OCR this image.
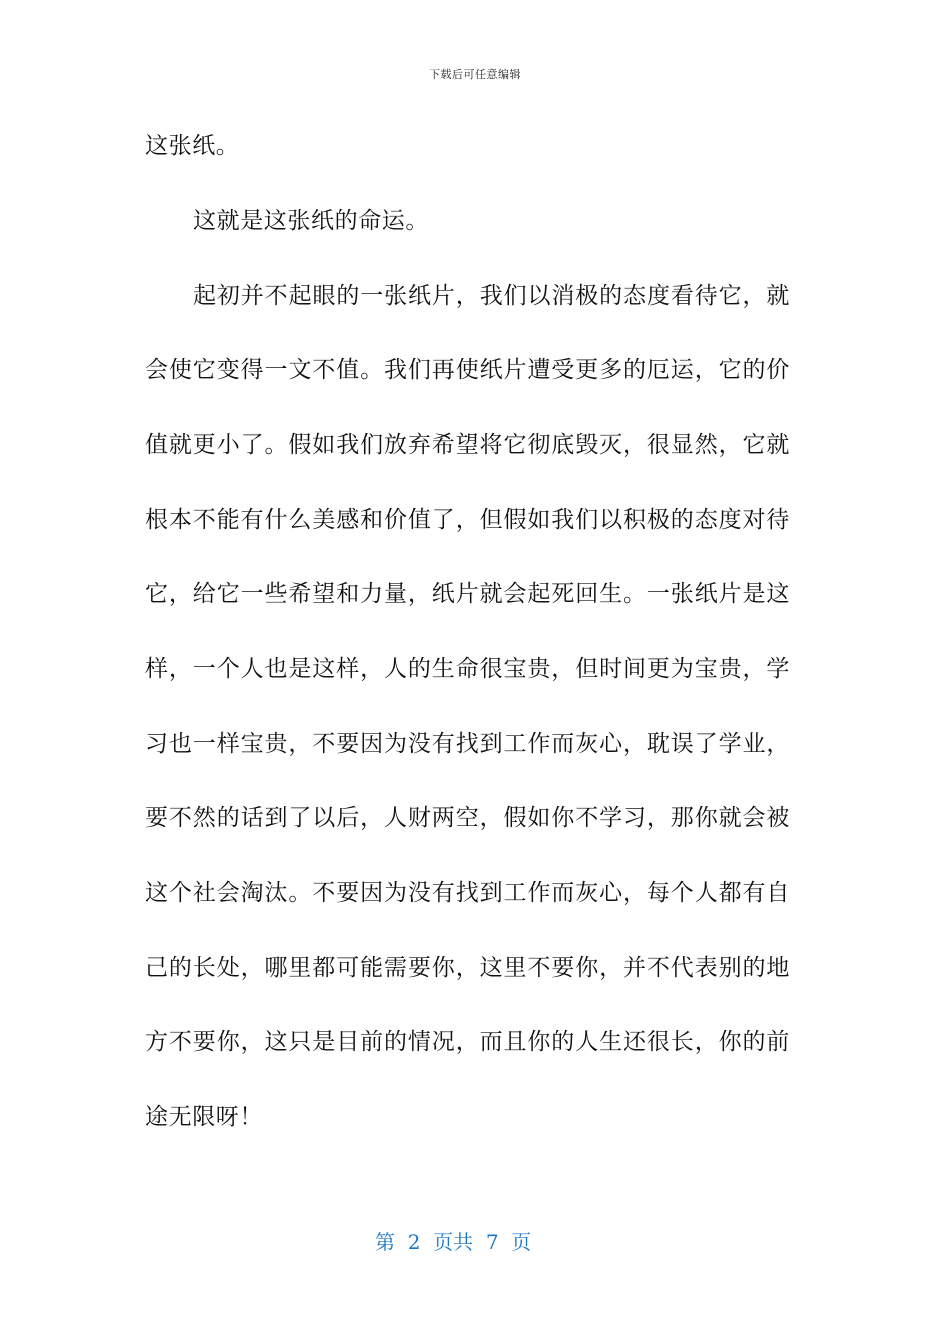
下载后可任意编辑
这张纸。
这就是这张纸的命运。
起初并不起眼的一张纸片，我们以消极的态度看待它，就
会使它变得一文不值。我们再使纸片遭受更多的厄运，它的价
值就更小了。假如我们放弃希望将它彻底毁灭，很显然，它就
根本不能有什么美感和价值了，但假如我们以积极的态度对待
它，给它一些希望和力量，纸片就会起死回生。一张纸片是这
样，一个人也是这样，人的生命很宝贵，但时间更为宝贵，学
习也一样宝贵，不要因为没有找到工作而灰心，耽误了学业，
要不然的话到了以后，人财两空，假如你不学习，那你就会被
这个社会淘汰。不要因为没有找到工作而灰心，每个人都有自
己的长处，哪里都可能需要你，这里不要你，并不代表别的地
方不要你，这只是目前的情况，而且你的人生还很长，你的前
途无限呀！
第  2  页共  7  页
